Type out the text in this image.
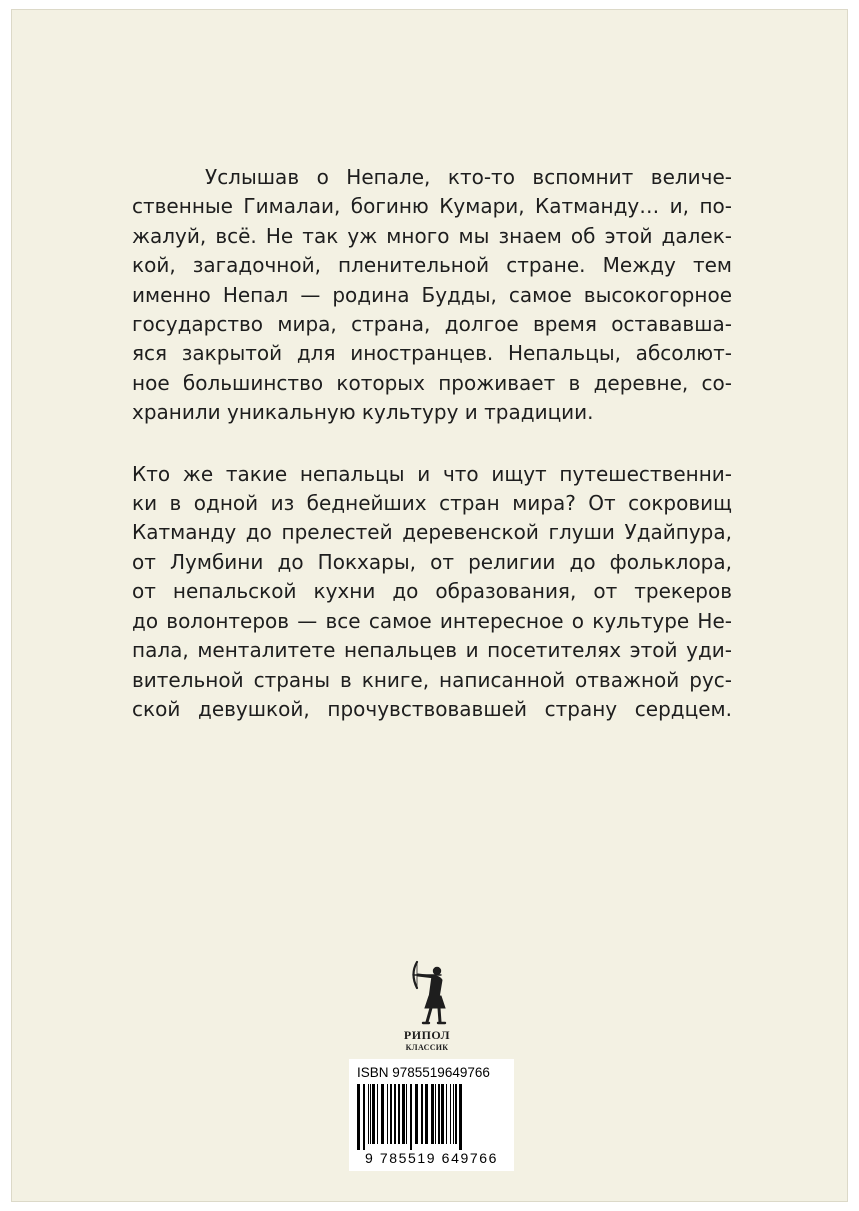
Услышав о Непале, кто-то вспомнит величе-
ственные Гималаи, богиню Кумари, Катманду… и, по-
жалуй, всё. Не так уж много мы знаем об этой далек-
кой, загадочной, пленительной стране. Между тем
именно Непал — родина Будды, самое высокогорное
государство мира, страна, долгое время остававша-
яся закрытой для иностранцев. Непальцы, абсолют-
ное большинство которых проживает в деревне, со-
хранили уникальную культуру и традиции.
Кто же такие непальцы и что ищут путешественни-
ки в одной из беднейших стран мира? От сокровищ
Катманду до прелестей деревенской глуши Удайпура,
от Лумбини до Покхары, от религии до фольклора,
от непальской кухни до образования, от трекеров
до волонтеров — все самое интересное о культуре Не-
пала, менталитете непальцев и посетителях этой уди-
вительной страны в книге, написанной отважной рус-
ской девушкой, прочувствовавшей страну сердцем.
РИПОЛ
КЛАССИК
ISBN 9785519649766
9 785519 649766
